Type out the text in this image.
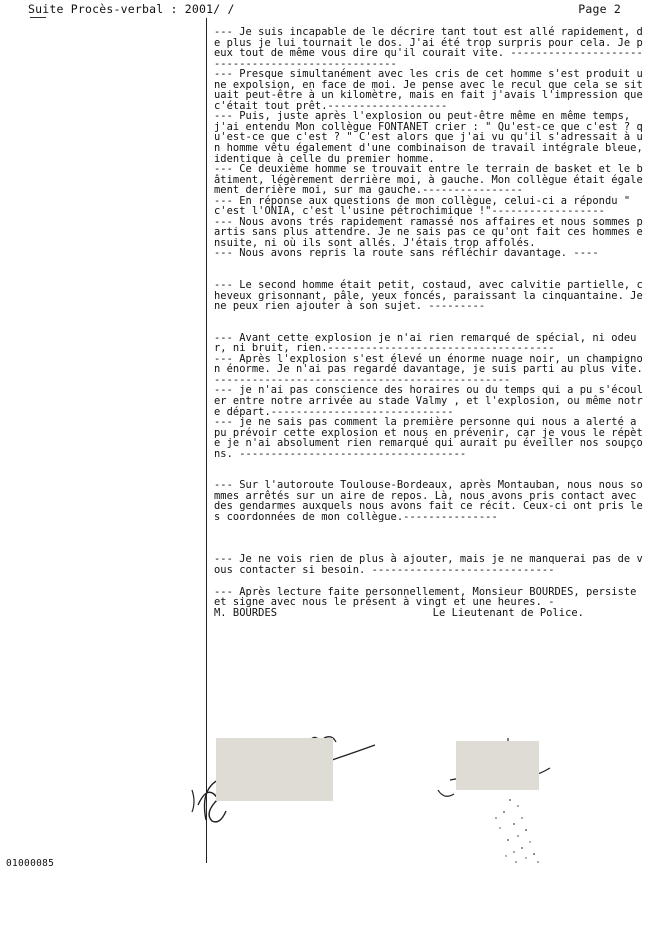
Suite Procès-verbal : 2001/ /	Page 2

--- Je suis incapable de le décrire tant tout est allé rapidement, de plus je lui tournait le dos. J'ai été trop surpris pour cela. Je peux tout de même vous dire qu'il courait vite. --------------------------------------------------

--- Presque simultanément avec les cris de cet homme s'est produit une expolsion, en face de moi. Je pense avec le recul que cela se situait peut-être à un kilomètre, mais en fait j'avais l'impression que c'était tout prêt.-------------------

--- Puis, juste après l'explosion ou peut-être même en même temps, j'ai entendu Mon collègue FONTANET crier : " Qu'est-ce que c'est ? qu'est-ce que c'est ? " C'est alors que j'ai vu qu'il s'adressait à un homme vêtu également d'une combinaison de travail intégrale bleue, identique à celle du premier homme.

--- Ce deuxième homme se trouvait entre le terrain de basket et le bâtiment, légèrement derrière moi, à gauche. Mon collègue était également derrière moi, sur ma gauche.----------------

--- En réponse aux questions de mon collègue, celui-ci a répondu " c'est l'ONIA, c'est l'usine pétrochimique !"------------------

--- Nous avons trés rapidement ramassé nos affaires et nous sommes partis sans plus attendre. Je ne sais pas ce qu'ont fait ces hommes ensuite, ni où ils sont allés. J'étais trop affolés.

--- Nous avons repris la route sans réfléchir davantage. ----

--- Le second homme était petit, costaud, avec calvitie partielle, cheveux grisonnant, pâle, yeux foncés, paraissant la cinquantaine. Je ne peux rien ajouter à son sujet. ---------

--- Avant cette explosion je n'ai rien remarqué de spécial, ni odeur, ni bruit, rien.------------------------------------

--- Après l'explosion s'est élevé un énorme nuage noir, un champignon énorme. Je n'ai pas regardé davantage, je suis parti au plus vite. -----------------------------------------------

--- je n'ai pas conscience des horaires ou du temps qui a pu s'écouler entre notre arrivée au stade Valmy , et l'explosion, ou même notre départ.-----------------------------

--- je ne sais pas comment la première personne qui nous a alerté a pu prévoir cette explosion et nous en prévenir, car je vous le répète je n'ai absolument rien remarqué qui aurait pu éveiller nos soupçons. ------------------------------------

--- Sur l'autoroute Toulouse-Bordeaux, après Montauban, nous nous sommes arrêtés sur un aire de repos. Là, nous avons pris contact avec des gendarmes auxquels nous avons fait ce récit. Ceux-ci ont pris les coordonnées de mon collègue.---------------

--- Je ne vois rien de plus à ajouter, mais je ne manquerai pas de vous contacter si besoin. -----------------------------

--- Après lecture faite personnellement, Monsieur BOURDES, persiste et signe avec nous le présent à vingt et une heures. -

M. BOURDES	Le Lieutenant de Police.
01000085
